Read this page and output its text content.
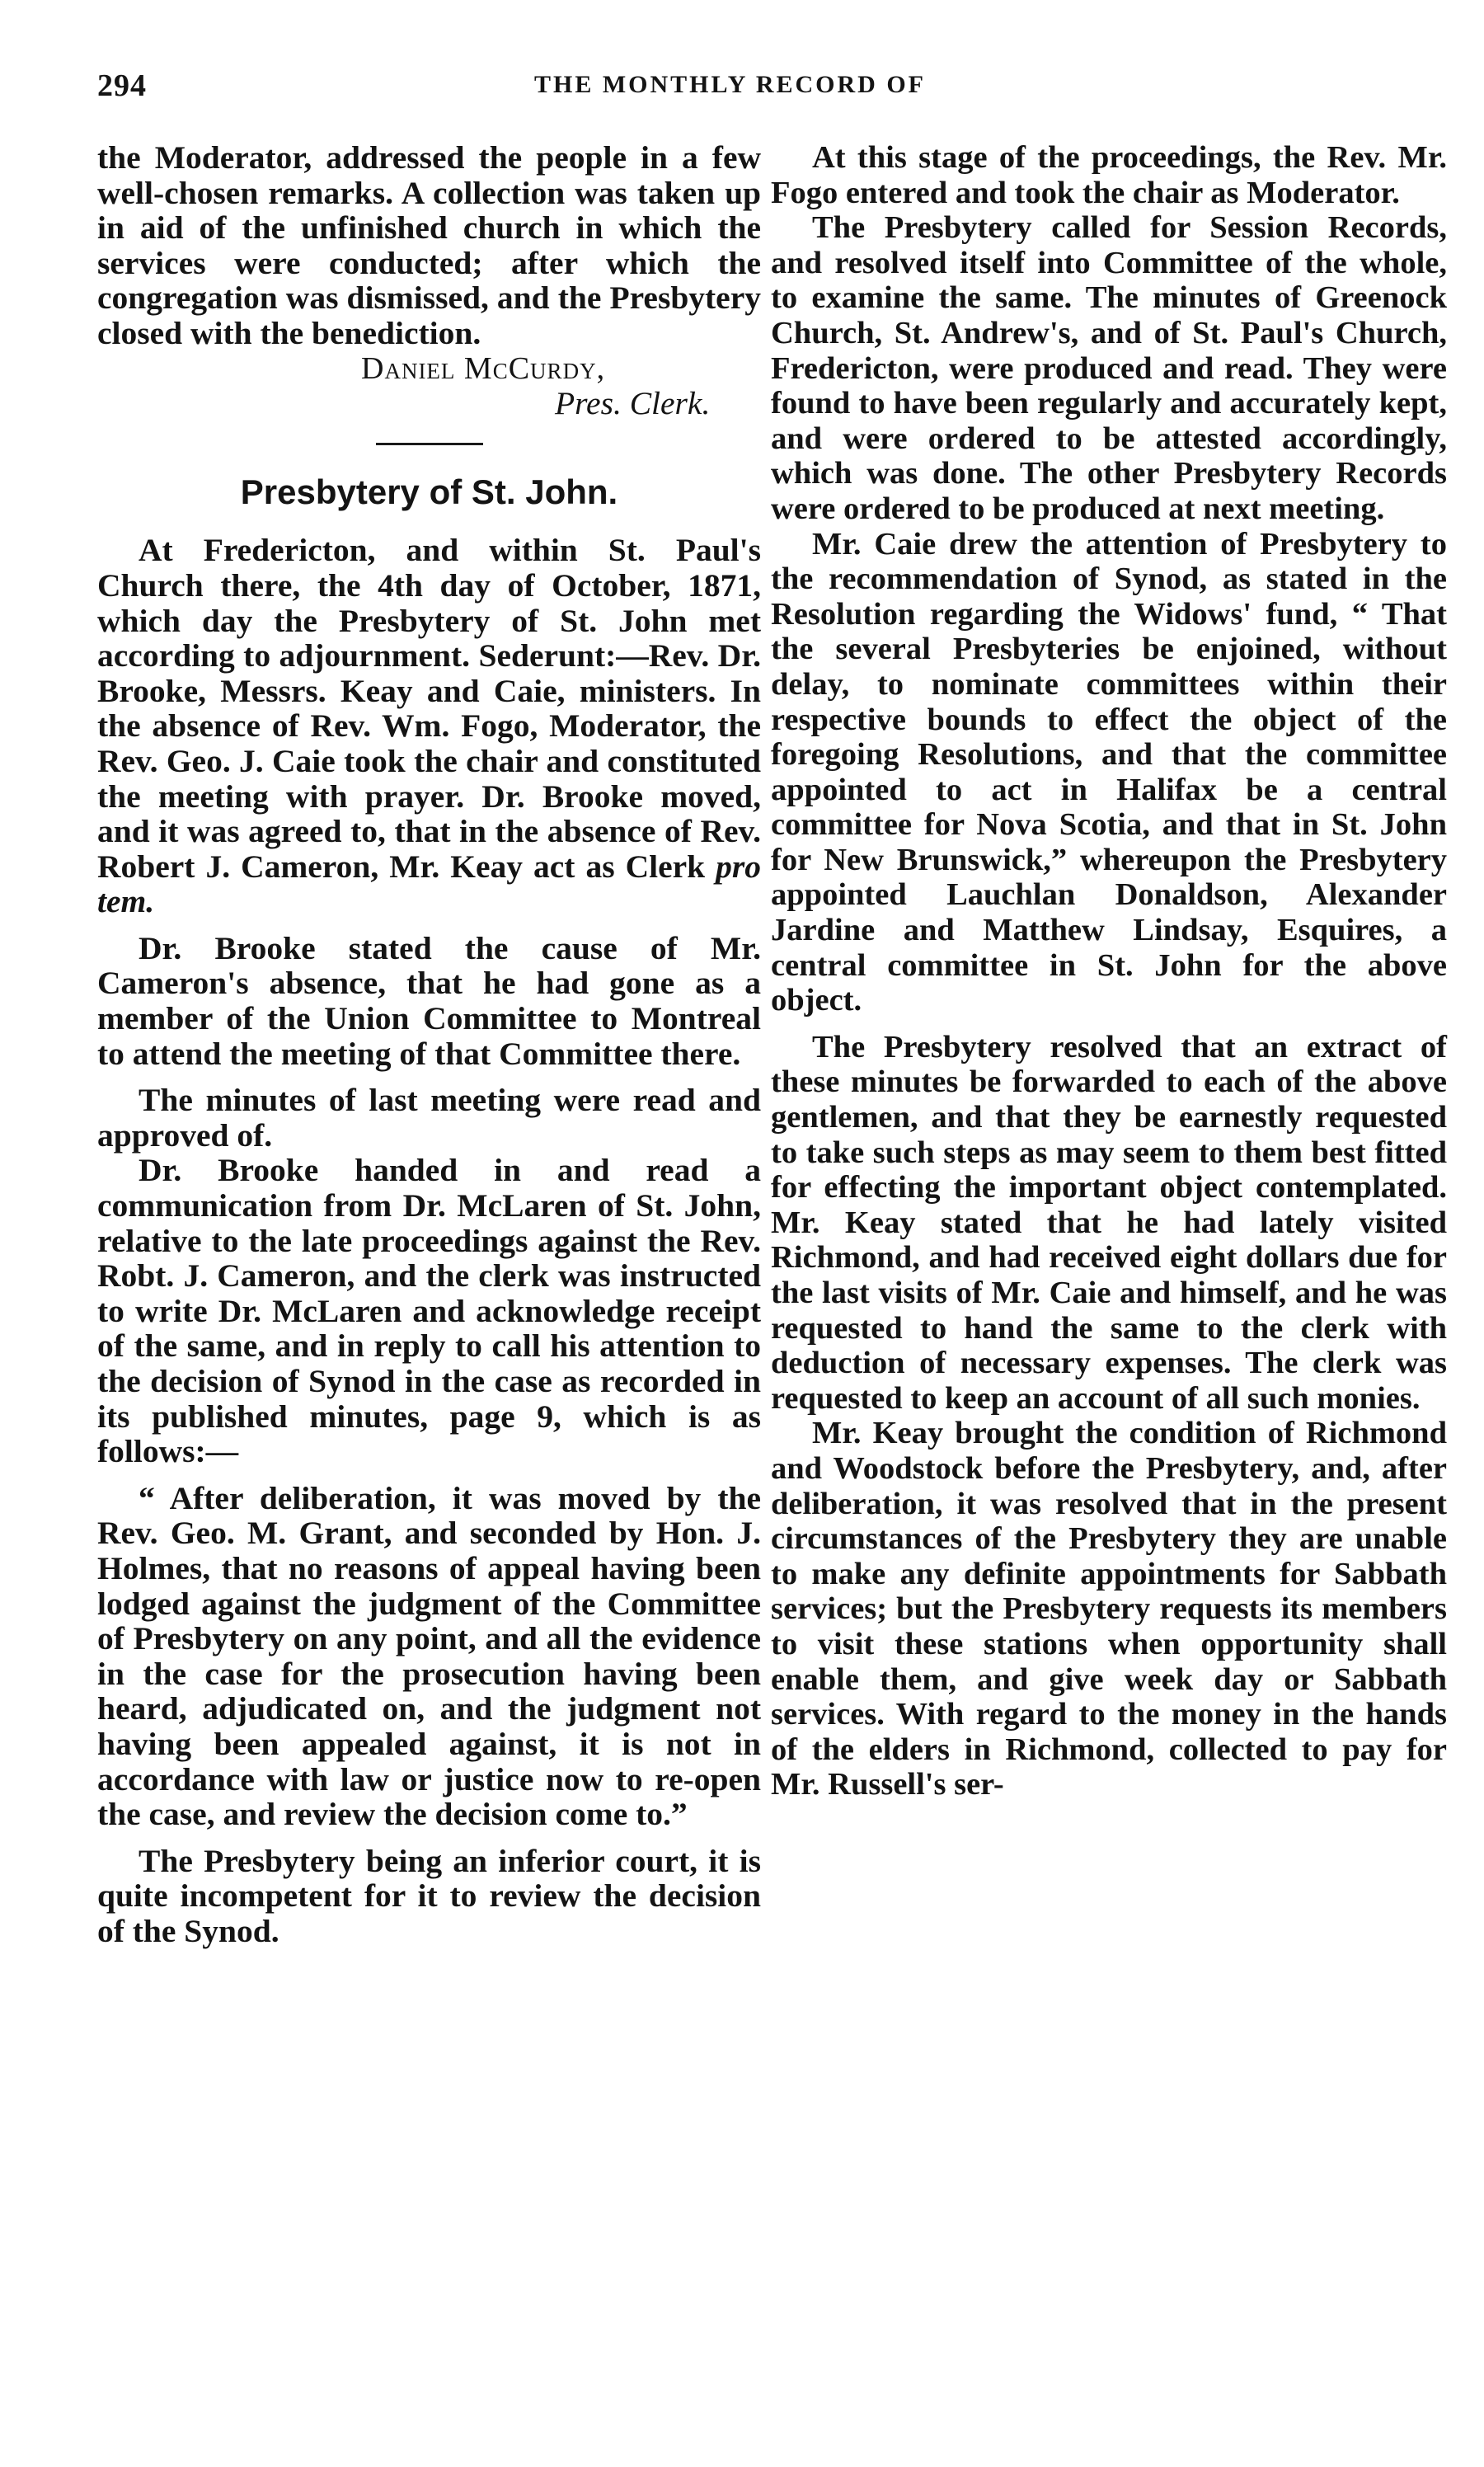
294	THE MONTHLY RECORD OF

the Moderator, addressed the people in a few well-chosen remarks. A collection was taken up in aid of the unfinished church in which the services were conducted; after which the congregation was dismissed, and the Presbytery closed with the benediction.

Daniel McCurdy,

Pres. Clerk.

Presbytery of St. John.

At Fredericton, and within St. Paul's Church there, the 4th day of October, 1871, which day the Presbytery of St. John met according to adjournment. Sederunt:—Rev. Dr. Brooke, Messrs. Keay and Caie, ministers. In the absence of Rev. Wm. Fogo, Moderator, the Rev. Geo. J. Caie took the chair and constituted the meeting with prayer. Dr. Brooke moved, and it was agreed to, that in the absence of Rev. Robert J. Cameron, Mr. Keay act as Clerk pro tem.

Dr. Brooke stated the cause of Mr. Cameron's absence, that he had gone as a member of the Union Committee to Montreal to attend the meeting of that Committee there.

The minutes of last meeting were read and approved of.

Dr. Brooke handed in and read a communication from Dr. McLaren of St. John, relative to the late proceedings against the Rev. Robt. J. Cameron, and the clerk was instructed to write Dr. McLaren and acknowledge receipt of the same, and in reply to call his attention to the decision of Synod in the case as recorded in its published minutes, page 9, which is as follows:—

“ After deliberation, it was moved by the Rev. Geo. M. Grant, and seconded by Hon. J. Holmes, that no reasons of appeal having been lodged against the judgment of the Committee of Presbytery on any point, and all the evidence in the case for the prosecution having been heard, adjudicated on, and the judgment not having been appealed against, it is not in accordance with law or justice now to re-open the case, and review the decision come to.”

The Presbytery being an inferior court, it is quite incompetent for it to review the decision of the Synod.

At this stage of the proceedings, the Rev. Mr. Fogo entered and took the chair as Moderator.

The Presbytery called for Session Records, and resolved itself into Committee of the whole, to examine the same. The minutes of Greenock Church, St. Andrew's, and of St. Paul's Church, Fredericton, were produced and read. They were found to have been regularly and accurately kept, and were ordered to be attested accordingly, which was done. The other Presbytery Records were ordered to be produced at next meeting.

Mr. Caie drew the attention of Presbytery to the recommendation of Synod, as stated in the Resolution regarding the Widows' fund, “ That the several Presbyteries be enjoined, without delay, to nominate committees within their respective bounds to effect the object of the foregoing Resolutions, and that the committee appointed to act in Halifax be a central committee for Nova Scotia, and that in St. John for New Brunswick,” whereupon the Presbytery appointed Lauchlan Donaldson, Alexander Jardine and Matthew Lindsay, Esquires, a central committee in St. John for the above object.

The Presbytery resolved that an extract of these minutes be forwarded to each of the above gentlemen, and that they be earnestly requested to take such steps as may seem to them best fitted for effecting the important object contemplated. Mr. Keay stated that he had lately visited Richmond, and had received eight dollars due for the last visits of Mr. Caie and himself, and he was requested to hand the same to the clerk with deduction of necessary expenses. The clerk was requested to keep an account of all such monies.

Mr. Keay brought the condition of Richmond and Woodstock before the Presbytery, and, after deliberation, it was resolved that in the present circumstances of the Presbytery they are unable to make any definite appointments for Sabbath services; but the Presbytery requests its members to visit these stations when opportunity shall enable them, and give week day or Sabbath services. With regard to the money in the hands of the elders in Richmond, collected to pay for Mr. Russell's ser-
